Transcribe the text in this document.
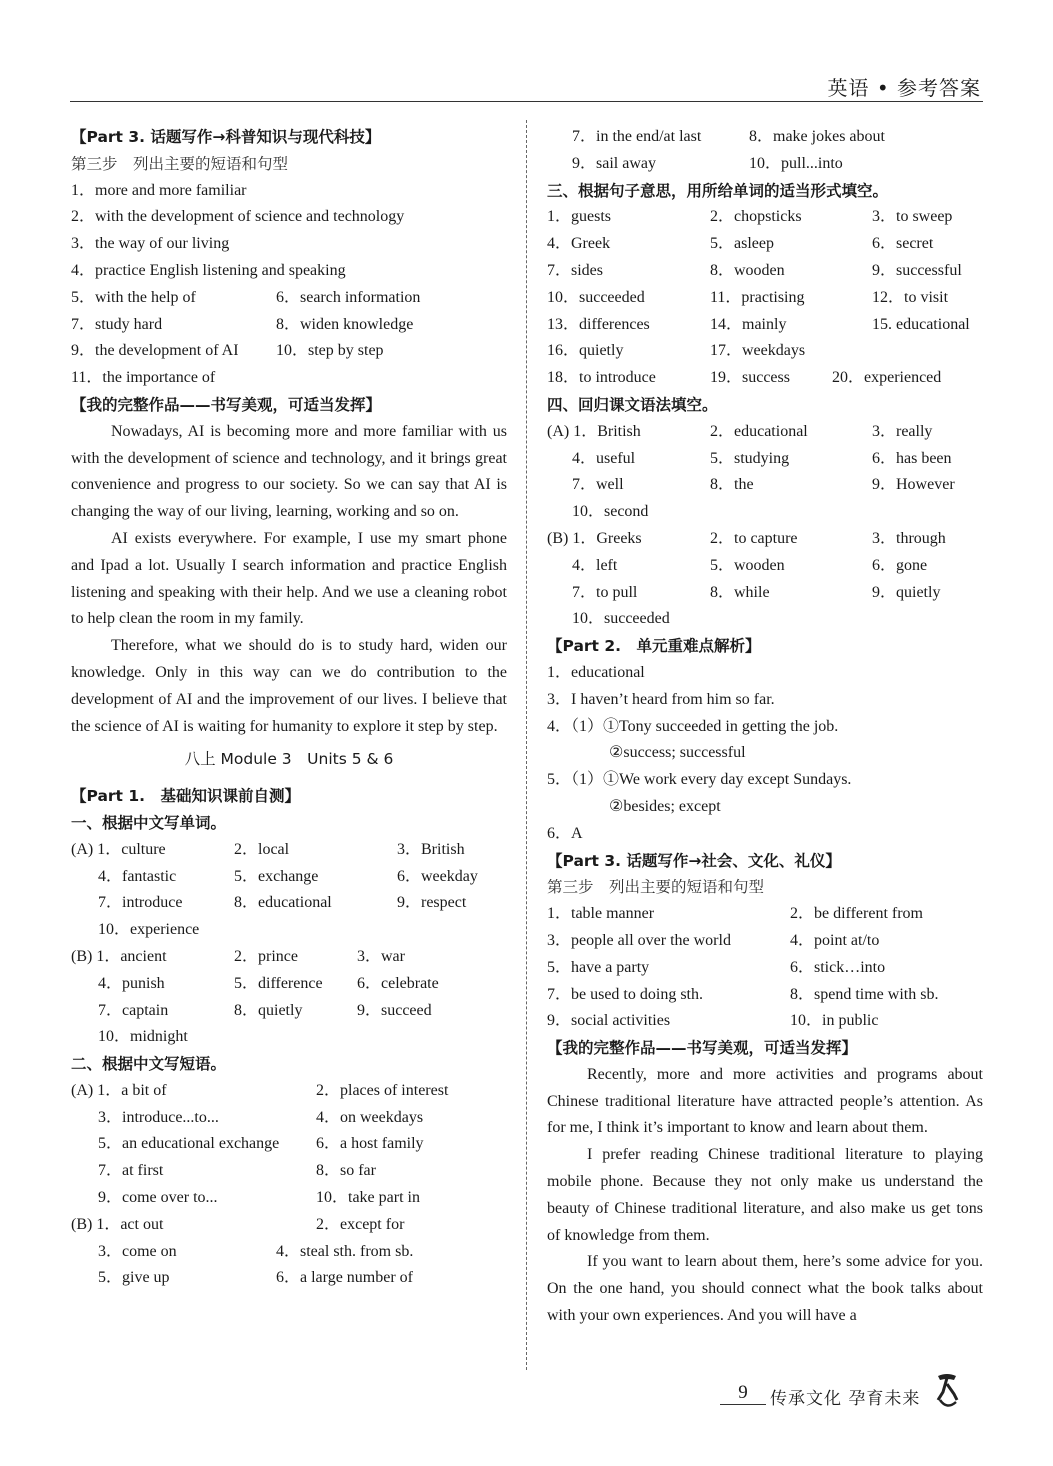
英语 • 参考答案
【Part 3. 话题写作→科普知识与现代科技】
第三步　列出主要的短语和句型
1．more and more familiar
2．with the development of science and technology
3．the way of our living
4．practice English listening and speaking
5．with the help of	6．search information
7．study hard	8．widen knowledge
9．the development of AI 10．step by step
11．the importance of
【我的完整作品——书写美观，可适当发挥】

Nowadays, AI is becoming more and more familiar with us with the development of science and technology, and it brings great convenience and progress to our society. So we can say that AI is changing the way of our living, learning, working and so on.

AI exists everywhere. For example, I use my smart phone and Ipad a lot. Usually I search information and practice English listening and speaking with their help. And we use a cleaning robot to help clean the room in my family.

Therefore, what we should do is to study hard, widen our knowledge. Only in this way can we do contribution to the development of AI and the improvement of our lives. I believe that the science of AI is waiting for humanity to explore it step by step.

八上 Module 3　Units 5 & 6
【Part 1.　基础知识课前自测】
一、根据中文写单词。
(A) 1．culture	2．local	3．British
4．fantastic	5．exchange	6．weekday
7．introduce	8．educational	9．respect
10．experience
(B) 1．ancient	2．prince	3．war
4．punish	5．difference 6．celebrate
7．captain	8．quietly	9．succeed
10．midnight
二、根据中文写短语。
(A) 1．a bit of	2．places of interest
3．introduce...to...	4．on weekdays
5．an educational exchange 6．a host family
7．at first	8．so far
9．come over to...	10．take part in
(B) 1．act out	2．except for
3．come on	4．steal sth. from sb.
5．give up	6．a large number of
7．in the end/at last	8．make jokes about
9．sail away	10．pull...into
三、根据句子意思，用所给单词的适当形式填空。
1．guests	2．chopsticks	3．to sweep
4．Greek	5．asleep	6．secret
7．sides	8．wooden	9．successful
10．succeeded	11．practising	12．to visit
13．differences	14．mainly	15. educational
16．quietly	17．weekdays
18．to introduce	19．success	20．experienced
四、回归课文语法填空。
(A) 1．British	2．educational	3．really
4．useful	5．studying	6．has been
7．well	8．the	9．However
10．second
(B) 1．Greeks	2．to capture	3．through
4．left	5．wooden	6．gone
7．to pull	8．while	9．quietly
10．succeeded
【Part 2.　单元重难点解析】
1．educational
3．I haven’t heard from him so far.
4．（1）①Tony succeeded in getting the job.
②success; successful
5．（1）①We work every day except Sundays.
②besides; except
6．A
【Part 3. 话题写作→社会、文化、礼仪】
第三步　列出主要的短语和句型
1．table manner	2．be different from
3．people all over the world	4．point at/to
5．have a party	6．stick…into
7．be used to doing sth.	8．spend time with sb.
9．social activities	10．in public
【我的完整作品——书写美观，可适当发挥】

Recently, more and more activities and programs about Chinese traditional literature have attracted people’s attention. As for me, I think it’s important to know and learn about them.

I prefer reading Chinese traditional literature to playing mobile phone. Because they not only make us understand the beauty of Chinese traditional literature, and also make us get tons of knowledge from them.

If you want to learn about them, here’s some advice for you. On the one hand, you should connect what the book talks about with your own experiences. And you will have a

9	传承文化 孕育未来
